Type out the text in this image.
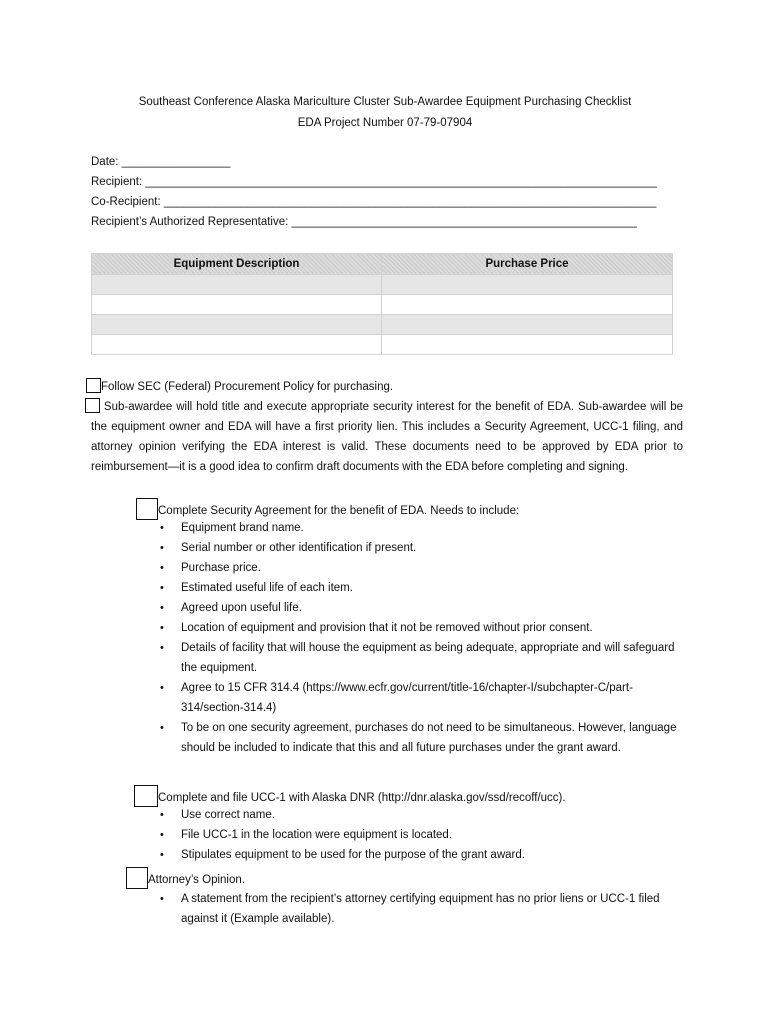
Southeast Conference Alaska Mariculture Cluster Sub-Awardee Equipment Purchasing Checklist
EDA Project Number 07-79-07904
Date: _________________
Recipient: ________________________________________________________________________________
Co-Recipient: _____________________________________________________________________________
Recipient’s Authorized Representative: ______________________________________________________
Equipment Description	Purchase Price

Follow SEC (Federal) Procurement Policy for purchasing.
Sub-awardee will hold title and execute appropriate security interest for the benefit of EDA. Sub-awardee will be the equipment owner and EDA will have a first priority lien. This includes a Security Agreement, UCC-1 filing, and attorney opinion verifying the EDA interest is valid. These documents need to be approved by EDA prior to reimbursement—it is a good idea to confirm draft documents with the EDA before completing and signing.
Complete Security Agreement for the benefit of EDA. Needs to include:
• Equipment brand name.
• Serial number or other identification if present.
• Purchase price.
• Estimated useful life of each item.
• Agreed upon useful life.
• Location of equipment and provision that it not be removed without prior consent.
• Details of facility that will house the equipment as being adequate, appropriate and will safeguard the equipment.
• Agree to 15 CFR 314.4 (https://www.ecfr.gov/current/title-16/chapter-I/subchapter-C/part-314/section-314.4)
• To be on one security agreement, purchases do not need to be simultaneous. However, language should be included to indicate that this and all future purchases under the grant award.
Complete and file UCC-1 with Alaska DNR (http://dnr.alaska.gov/ssd/recoff/ucc).
• Use correct name.
• File UCC-1 in the location were equipment is located.
• Stipulates equipment to be used for the purpose of the grant award.
Attorney’s Opinion.
• A statement from the recipient’s attorney certifying equipment has no prior liens or UCC-1 filed against it (Example available).
